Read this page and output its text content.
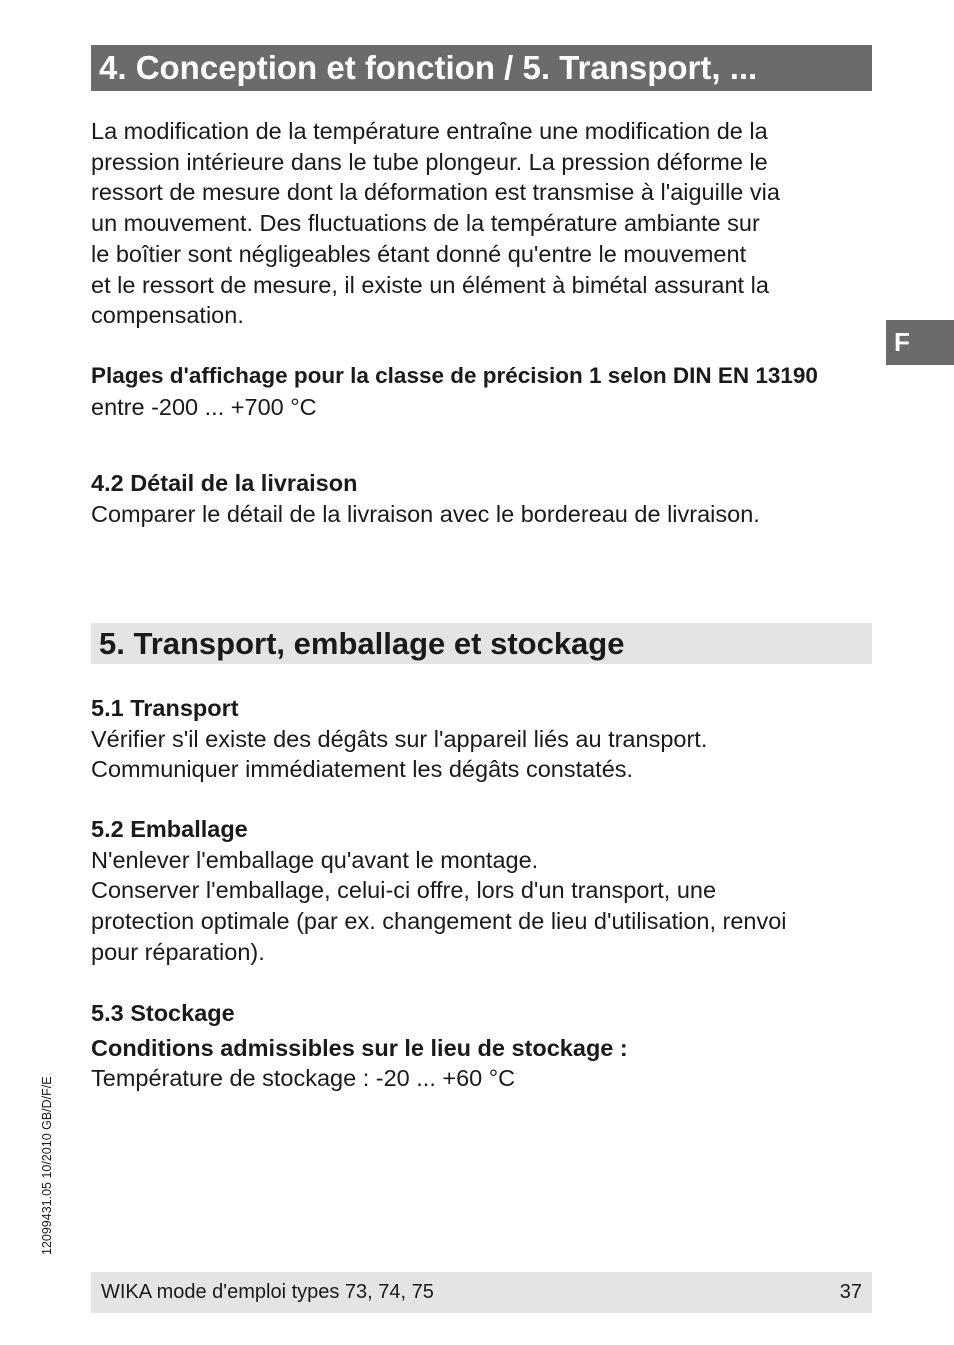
4. Conception et fonction / 5. Transport, ...
La modification de la température entraîne une modification de la
pression intérieure dans le tube plongeur. La pression déforme le
ressort de mesure dont la déformation est transmise à l'aiguille via
un mouvement. Des fluctuations de la température ambiante sur
le boîtier sont négligeables étant donné qu'entre le mouvement
et le ressort de mesure, il existe un élément à bimétal assurant la
compensation.
Plages d'affichage pour la classe de précision 1 selon DIN EN 13190
entre -200 ... +700 °C
F
4.2 Détail de la livraison
Comparer le détail de la livraison avec le bordereau de livraison.
5. Transport, emballage et stockage
5.1 Transport
Vérifier s'il existe des dégâts sur l'appareil liés au transport.
Communiquer immédiatement les dégâts constatés.
5.2 Emballage
N'enlever l'emballage qu'avant le montage.
Conserver l'emballage, celui-ci offre, lors d'un transport, une
protection optimale (par ex. changement de lieu d'utilisation, renvoi
pour réparation).
5.3 Stockage
Conditions admissibles sur le lieu de stockage :
Température de stockage : -20 ... +60 °C
12099431.05 10/2010 GB/D/F/E
WIKA mode d'emploi types 73, 74, 75	37
